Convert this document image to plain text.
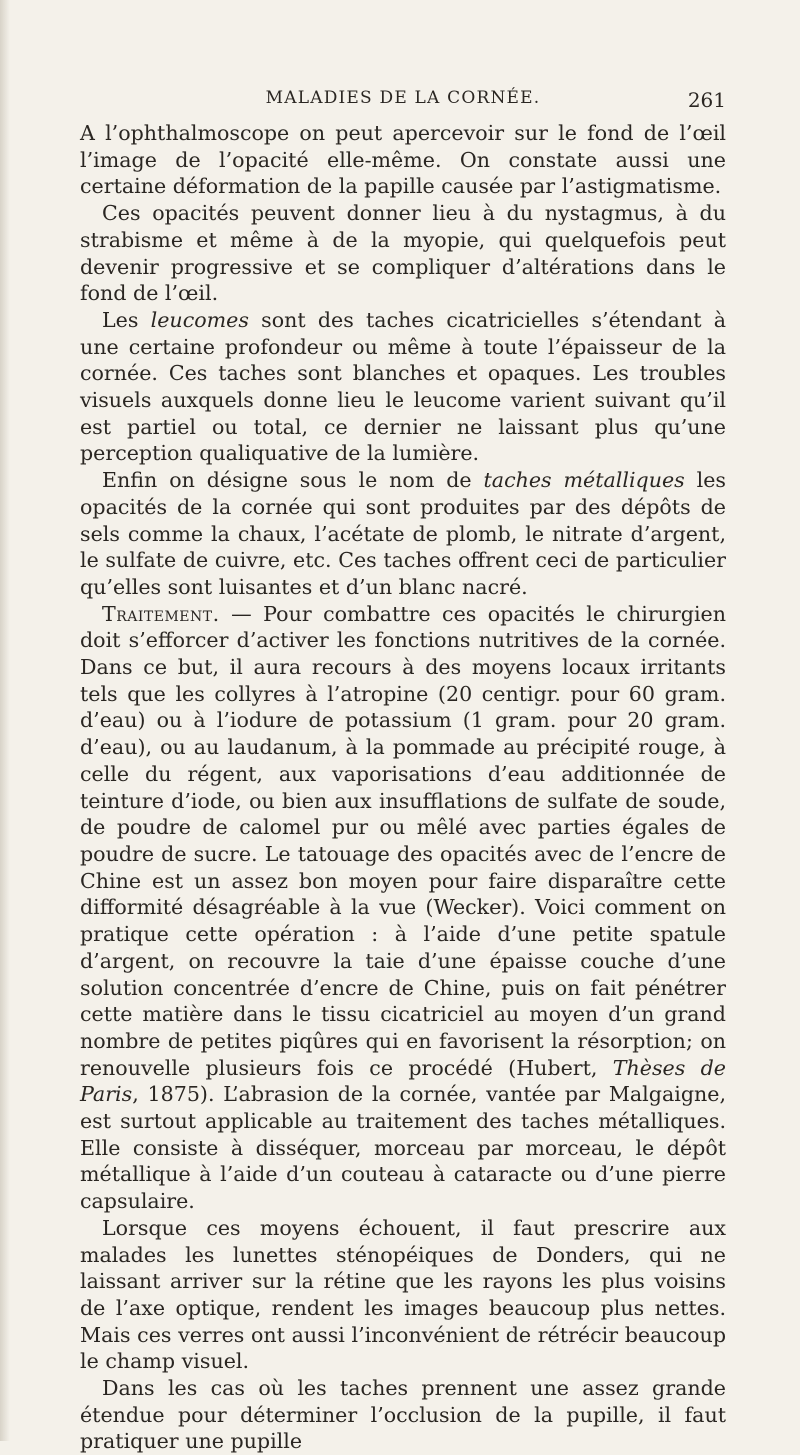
MALADIES DE LA CORNÉE.	261

A l’ophthalmoscope on peut apercevoir sur le fond de l’œil l’image de l’opacité elle-même. On constate aussi une certaine déformation de la papille causée par l’astigmatisme.

Ces opacités peuvent donner lieu à du nystagmus, à du strabisme et même à de la myopie, qui quelquefois peut devenir progressive et se compliquer d’altérations dans le fond de l’œil.

Les leucomes sont des taches cicatricielles s’étendant à une certaine profondeur ou même à toute l’épaisseur de la cornée. Ces taches sont blanches et opaques. Les troubles visuels auxquels donne lieu le leucome varient suivant qu’il est partiel ou total, ce dernier ne laissant plus qu’une perception qualiquative de la lumière.

Enfin on désigne sous le nom de taches métalliques les opacités de la cornée qui sont produites par des dépôts de sels comme la chaux, l’acétate de plomb, le nitrate d’argent, le sulfate de cuivre, etc. Ces taches offrent ceci de particulier qu’elles sont luisantes et d’un blanc nacré.

Traitement. — Pour combattre ces opacités le chirurgien doit s’efforcer d’activer les fonctions nutritives de la cornée. Dans ce but, il aura recours à des moyens locaux irritants tels que les collyres à l’atropine (20 centigr. pour 60 gram. d’eau) ou à l’iodure de potassium (1 gram. pour 20 gram. d’eau), ou au laudanum, à la pommade au précipité rouge, à celle du régent, aux vaporisations d’eau additionnée de teinture d’iode, ou bien aux insufflations de sulfate de soude, de poudre de calomel pur ou mêlé avec parties égales de poudre de sucre. Le tatouage des opacités avec de l’encre de Chine est un assez bon moyen pour faire disparaître cette difformité désagréable à la vue (Wecker). Voici comment on pratique cette opération : à l’aide d’une petite spatule d’argent, on recouvre la taie d’une épaisse couche d’une solution concentrée d’encre de Chine, puis on fait pénétrer cette matière dans le tissu cicatriciel au moyen d’un grand nombre de petites piqûres qui en favorisent la résorption; on renouvelle plusieurs fois ce procédé (Hubert, Thèses de Paris, 1875). L’abrasion de la cornée, vantée par Malgaigne, est surtout applicable au traitement des taches métalliques. Elle consiste à disséquer, morceau par morceau, le dépôt métallique à l’aide d’un couteau à cataracte ou d’une pierre capsulaire.

Lorsque ces moyens échouent, il faut prescrire aux malades les lunettes sténopéiques de Donders, qui ne laissant arriver sur la rétine que les rayons les plus voisins de l’axe optique, rendent les images beaucoup plus nettes. Mais ces verres ont aussi l’inconvénient de rétrécir beaucoup le champ visuel.

Dans les cas où les taches prennent une assez grande étendue pour déterminer l’occlusion de la pupille, il faut pratiquer une pupille
